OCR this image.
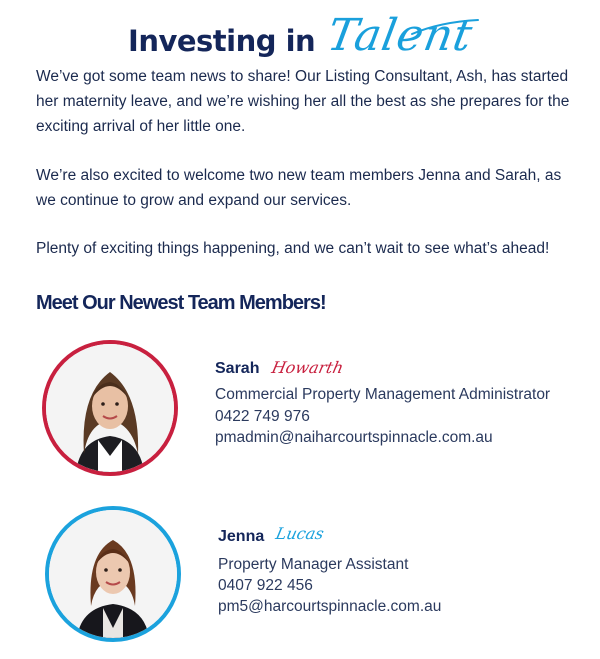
Investing in Talent

We’ve got some team news to share! Our Listing Consultant, Ash, has started her maternity leave, and we’re wishing her all the best as she prepares for the exciting arrival of her little one.

We’re also excited to welcome two new team members Jenna and Sarah, as we continue to grow and expand our services.

Plenty of exciting things happening, and we can’t wait to see what’s ahead!

Meet Our Newest Team Members!
Sarah Howarth
Commercial Property Management Administrator
0422 749 976
pmadmin@naiharcourtspinnacle.com.au
Jenna Lucas
Property Manager Assistant
0407 922 456
pm5@harcourtspinnacle.com.au
